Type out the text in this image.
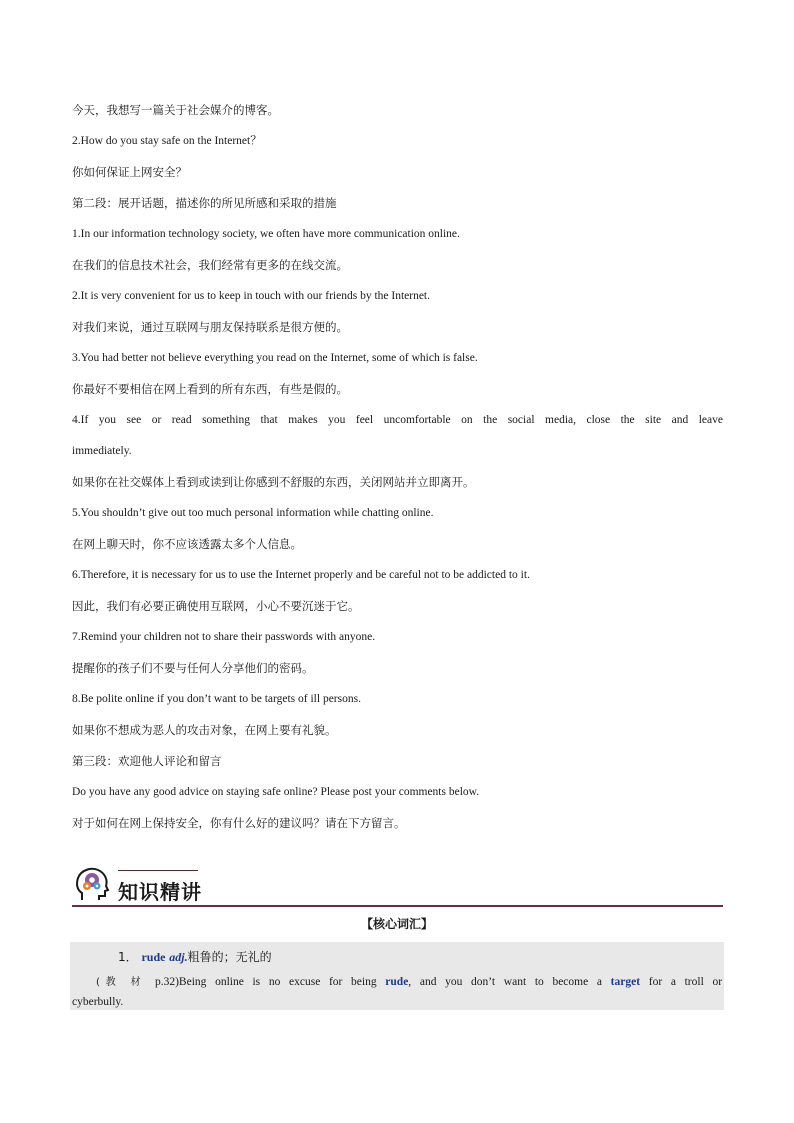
今天，我想写一篇关于社会媒介的博客。
2.How do you stay safe on the Internet？
你如何保证上网安全？
第二段：展开话题，描述你的所见所感和采取的措施
1.In our information technology society, we often have more communication online.
在我们的信息技术社会，我们经常有更多的在线交流。
2.It is very convenient for us to keep in touch with our friends by the Internet.
对我们来说，通过互联网与朋友保持联系是很方便的。
3.You had better not believe everything you read on the Internet, some of which is false.
你最好不要相信在网上看到的所有东西，有些是假的。
4.If you see or read something that makes you feel uncomfortable on the social media, close the site and leave
immediately.
如果你在社交媒体上看到或读到让你感到不舒服的东西，关闭网站并立即离开。
5.You shouldn’t give out too much personal information while chatting online.
在网上聊天时，你不应该透露太多个人信息。
6.Therefore, it is necessary for us to use the Internet properly and be careful not to be addicted to it.
因此，我们有必要正确使用互联网，小心不要沉迷于它。
7.Remind your children not to share their passwords with anyone.
提醒你的孩子们不要与任何人分享他们的密码。
8.Be polite online if you don’t want to be targets of ill persons.
如果你不想成为恶人的攻击对象，在网上要有礼貌。
第三段：欢迎他人评论和留言
Do you have any good advice on staying safe online? Please post your comments below.
对于如何在网上保持安全，你有什么好的建议吗？请在下方留言。
知识精讲
【核心词汇】
1． rude adj.粗鲁的；无礼的
(教 材 p.32)Being online is no excuse for being rude, and you don’t want to become a target for a troll or
cyberbully.
